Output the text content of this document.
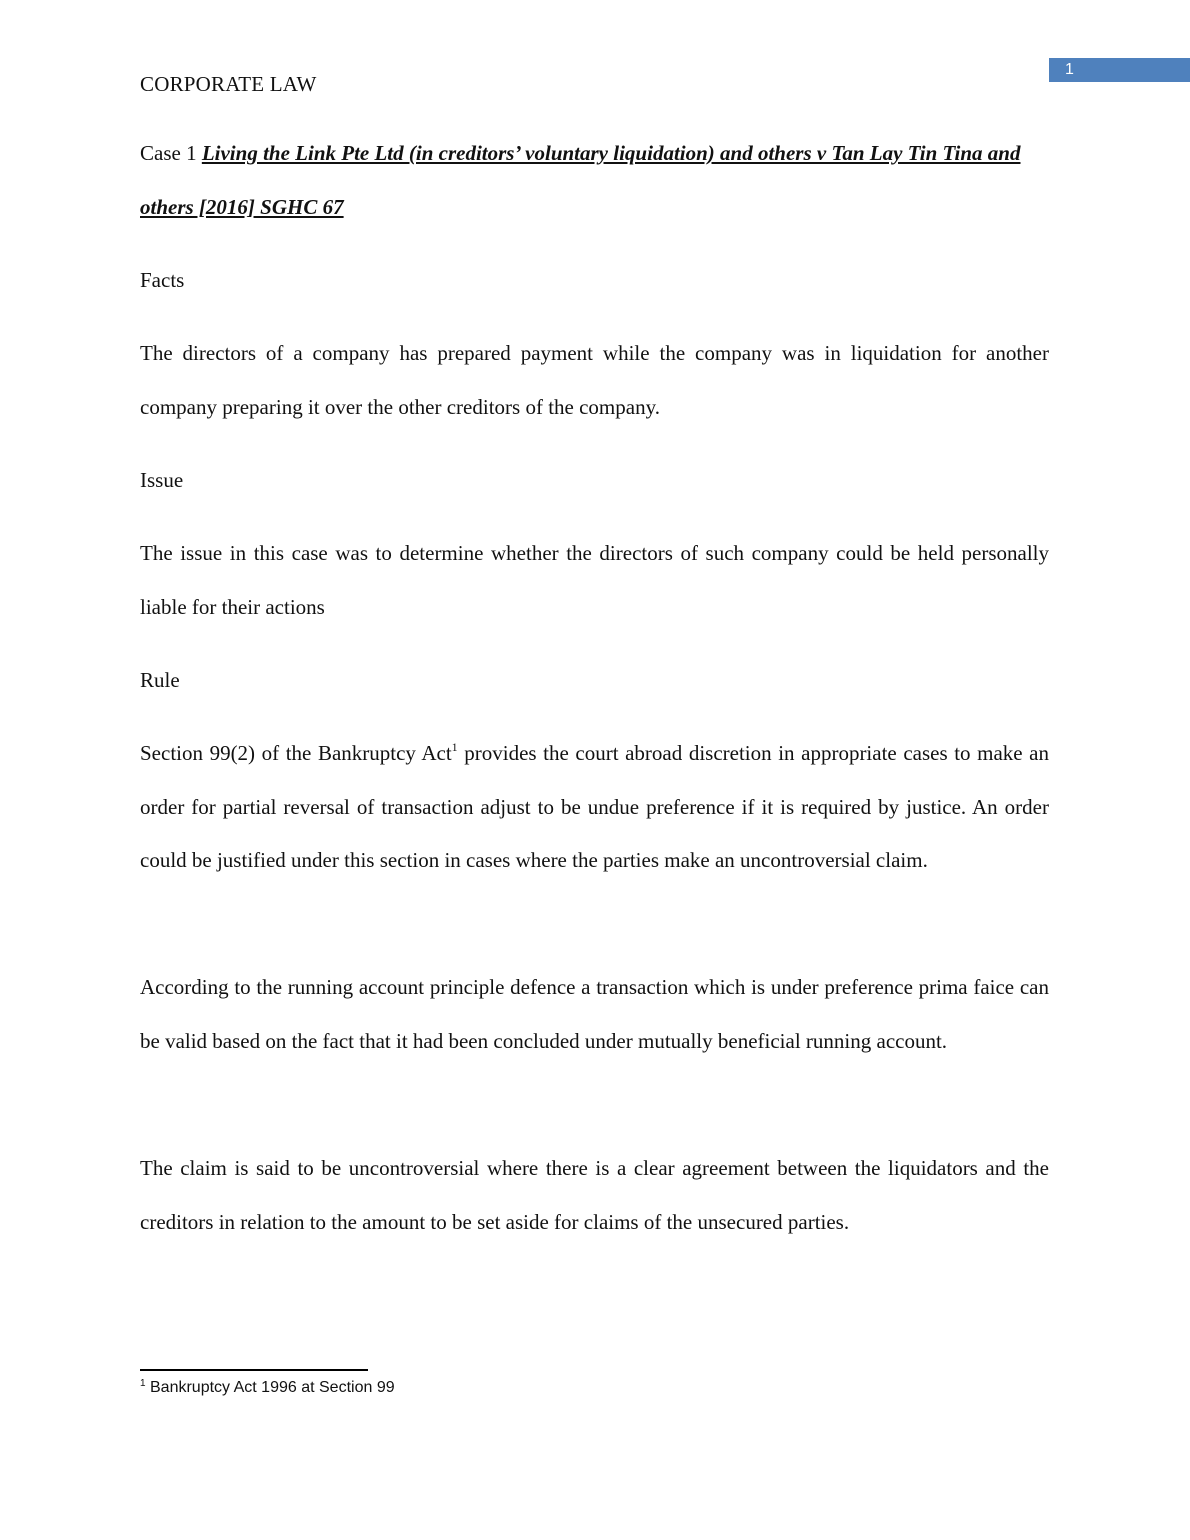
1
CORPORATE LAW
Case 1 Living the Link Pte Ltd (in creditors’ voluntary liquidation) and others v Tan Lay Tin Tina and others [2016] SGHC 67
Facts
The directors of a company has prepared payment while the company was in liquidation for another company preparing it over the other creditors of the company.
Issue
The issue in this case was to determine whether the directors of such company could be held personally liable for their actions
Rule
Section 99(2) of the Bankruptcy Act$^1$ provides the court abroad discretion in appropriate cases to make an order for partial reversal of transaction adjust to be undue preference if it is required by justice. An order could be justified under this section in cases where the parties make an uncontroversial claim.
According to the running account principle defence a transaction which is under preference prima faice can be valid based on the fact that it had been concluded under mutually beneficial running account.
The claim is said to be uncontroversial where there is a clear agreement between the liquidators and the creditors in relation to the amount to be set aside for claims of the unsecured parties.
$^1$ Bankruptcy Act 1996 at Section 99
